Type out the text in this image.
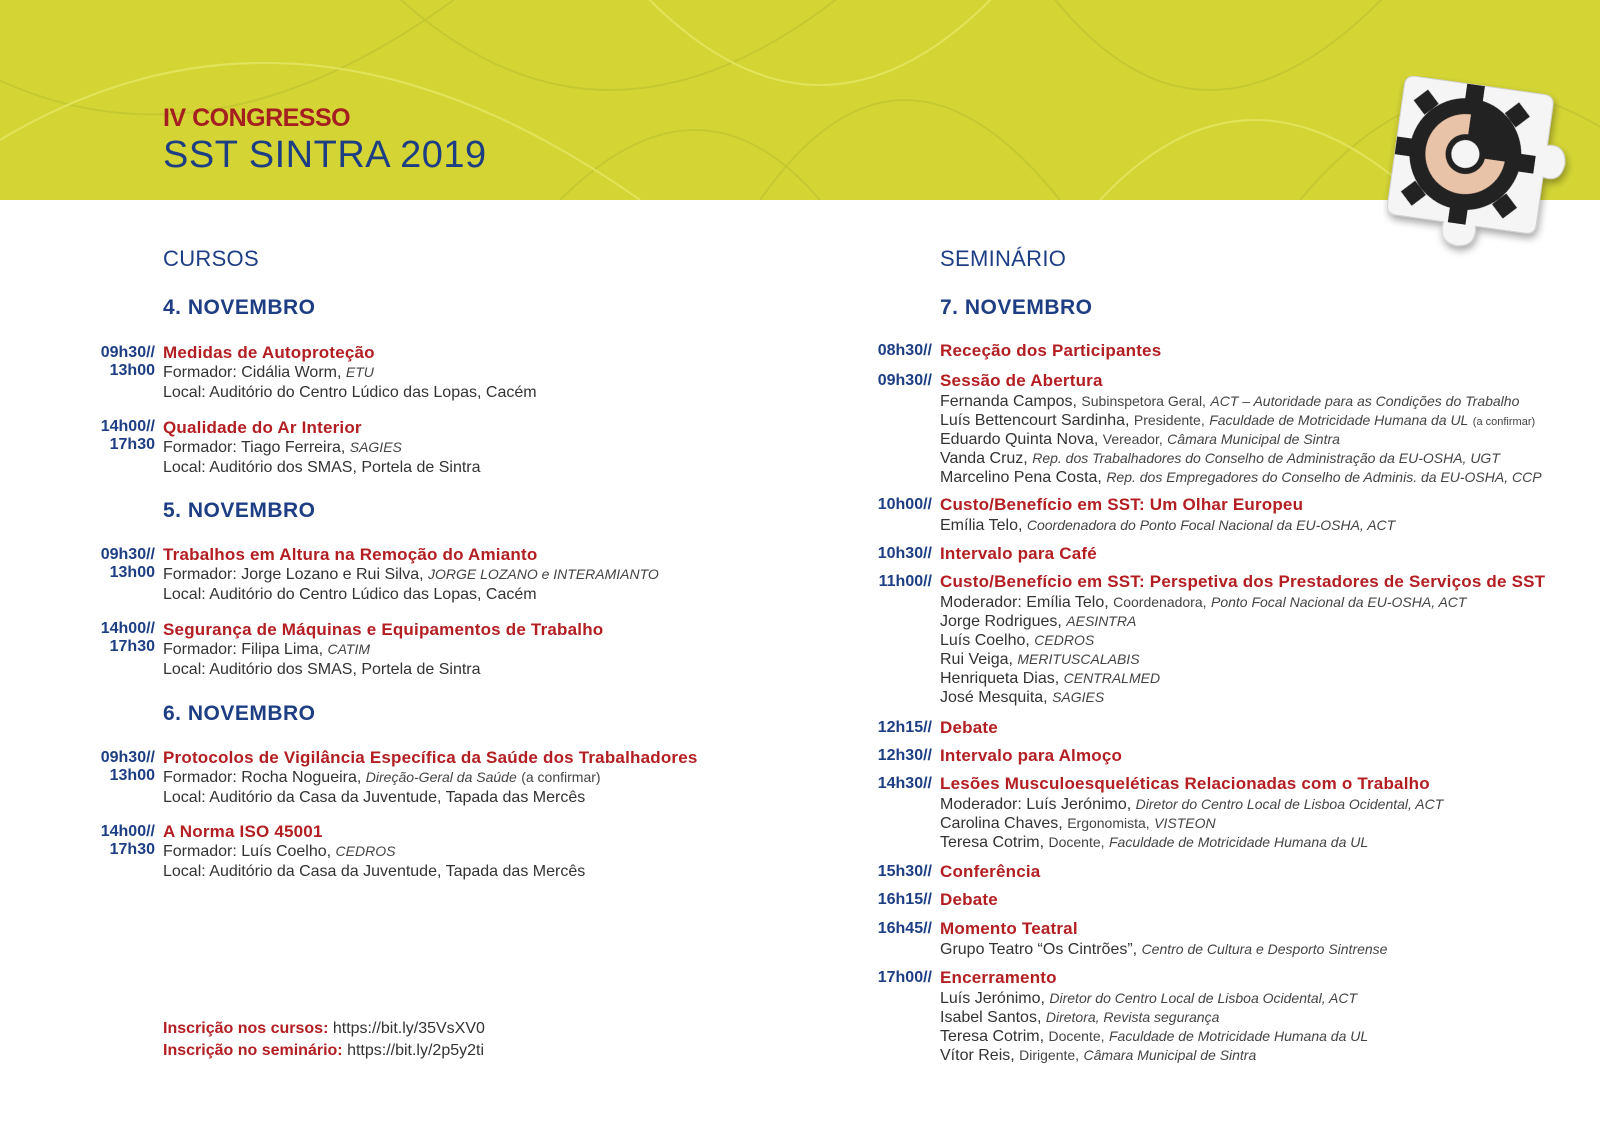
IV CONGRESSO
SST SINTRA 2019
CURSOS
4. NOVEMBRO
09h30//
13h00
Medidas de Autoproteção
Formador: Cidália Worm, ETU
Local: Auditório do Centro Lúdico das Lopas, Cacém
14h00//
17h30
Qualidade do Ar Interior
Formador: Tiago Ferreira, SAGIES
Local: Auditório dos SMAS, Portela de Sintra
5. NOVEMBRO
09h30//
13h00
Trabalhos em Altura na Remoção do Amianto
Formador: Jorge Lozano e Rui Silva, JORGE LOZANO e INTERAMIANTO
Local: Auditório do Centro Lúdico das Lopas, Cacém
14h00//
17h30
Segurança de Máquinas e Equipamentos de Trabalho
Formador: Filipa Lima, CATIM
Local: Auditório dos SMAS, Portela de Sintra
6. NOVEMBRO
09h30//
13h00
Protocolos de Vigilância Específica da Saúde dos Trabalhadores
Formador: Rocha Nogueira, Direção-Geral da Saúde (a confirmar)
Local: Auditório da Casa da Juventude, Tapada das Mercês
14h00//
17h30
A Norma ISO 45001
Formador: Luís Coelho, CEDROS
Local: Auditório da Casa da Juventude, Tapada das Mercês
Inscrição nos cursos: https://bit.ly/35VsXV0
Inscrição no seminário: https://bit.ly/2p5y2ti
SEMINÁRIO
7. NOVEMBRO
08h30// Receção dos Participantes
09h30// Sessão de Abertura
Fernanda Campos, Subinspetora Geral, ACT – Autoridade para as Condições do Trabalho
Luís Bettencourt Sardinha, Presidente, Faculdade de Motricidade Humana da UL (a confirmar)
Eduardo Quinta Nova, Vereador, Câmara Municipal de Sintra
Vanda Cruz, Rep. dos Trabalhadores do Conselho de Administração da EU-OSHA, UGT
Marcelino Pena Costa, Rep. dos Empregadores do Conselho de Adminis. da EU-OSHA, CCP
10h00// Custo/Benefício em SST: Um Olhar Europeu
Emília Telo, Coordenadora do Ponto Focal Nacional da EU-OSHA, ACT
10h30// Intervalo para Café
11h00// Custo/Benefício em SST: Perspetiva dos Prestadores de Serviços de SST
Moderador: Emília Telo, Coordenadora, Ponto Focal Nacional da EU-OSHA, ACT
Jorge Rodrigues, AESINTRA
Luís Coelho, CEDROS
Rui Veiga, MERITUSCALABIS
Henriqueta Dias, CENTRALMED
José Mesquita, SAGIES
12h15// Debate
12h30// Intervalo para Almoço
14h30// Lesões Musculoesqueléticas Relacionadas com o Trabalho
Moderador: Luís Jerónimo, Diretor do Centro Local de Lisboa Ocidental, ACT
Carolina Chaves, Ergonomista, VISTEON
Teresa Cotrim, Docente, Faculdade de Motricidade Humana da UL
15h30// Conferência
16h15// Debate
16h45// Momento Teatral
Grupo Teatro “Os Cintrões”, Centro de Cultura e Desporto Sintrense
17h00// Encerramento
Luís Jerónimo, Diretor do Centro Local de Lisboa Ocidental, ACT
Isabel Santos, Diretora, Revista segurança
Teresa Cotrim, Docente, Faculdade de Motricidade Humana da UL
Vítor Reis, Dirigente, Câmara Municipal de Sintra
